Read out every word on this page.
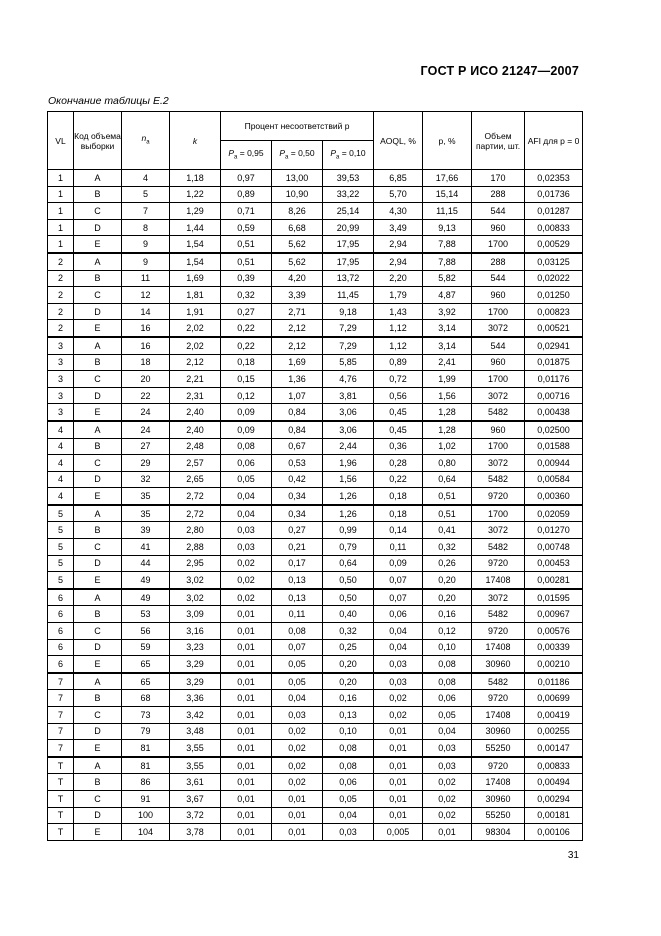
ГОСТ Р ИСО 21247—2007
Окончание таблицы Е.2
VL	Код объема выборки	$n_a$	k	Процент несоответствий p			AOQL, %	p, %	Объем партии, шт.	AFI для p = 0
				$P_a = 0,95$	$P_a = 0,50$	$P_a = 0,10$				
1	A	4	1,18	0,97	13,00	39,53	6,85	17,66	170	0,02353
1	B	5	1,22	0,89	10,90	33,22	5,70	15,14	288	0,01736
1	C	7	1,29	0,71	8,26	25,14	4,30	11,15	544	0,01287
1	D	8	1,44	0,59	6,68	20,99	3,49	9,13	960	0,00833
1	E	9	1,54	0,51	5,62	17,95	2,94	7,88	1700	0,00529
2	A	9	1,54	0,51	5,62	17,95	2,94	7,88	288	0,03125
2	B	11	1,69	0,39	4,20	13,72	2,20	5,82	544	0,02022
2	C	12	1,81	0,32	3,39	11,45	1,79	4,87	960	0,01250
2	D	14	1,91	0,27	2,71	9,18	1,43	3,92	1700	0,00823
2	E	16	2,02	0,22	2,12	7,29	1,12	3,14	3072	0,00521
3	A	16	2,02	0,22	2,12	7,29	1,12	3,14	544	0,02941
3	B	18	2,12	0,18	1,69	5,85	0,89	2,41	960	0,01875
3	C	20	2,21	0,15	1,36	4,76	0,72	1,99	1700	0,01176
3	D	22	2,31	0,12	1,07	3,81	0,56	1,56	3072	0,00716
3	E	24	2,40	0,09	0,84	3,06	0,45	1,28	5482	0,00438
4	A	24	2,40	0,09	0,84	3,06	0,45	1,28	960	0,02500
4	B	27	2,48	0,08	0,67	2,44	0,36	1,02	1700	0,01588
4	C	29	2,57	0,06	0,53	1,96	0,28	0,80	3072	0,00944
4	D	32	2,65	0,05	0,42	1,56	0,22	0,64	5482	0,00584
4	E	35	2,72	0,04	0,34	1,26	0,18	0,51	9720	0,00360
5	A	35	2,72	0,04	0,34	1,26	0,18	0,51	1700	0,02059
5	B	39	2,80	0,03	0,27	0,99	0,14	0,41	3072	0,01270
5	C	41	2,88	0,03	0,21	0,79	0,11	0,32	5482	0,00748
5	D	44	2,95	0,02	0,17	0,64	0,09	0,26	9720	0,00453
5	E	49	3,02	0,02	0,13	0,50	0,07	0,20	17408	0,00281
6	A	49	3,02	0,02	0,13	0,50	0,07	0,20	3072	0,01595
6	B	53	3,09	0,01	0,11	0,40	0,06	0,16	5482	0,00967
6	C	56	3,16	0,01	0,08	0,32	0,04	0,12	9720	0,00576
6	D	59	3,23	0,01	0,07	0,25	0,04	0,10	17408	0,00339
6	E	65	3,29	0,01	0,05	0,20	0,03	0,08	30960	0,00210
7	A	65	3,29	0,01	0,05	0,20	0,03	0,08	5482	0,01186
7	B	68	3,36	0,01	0,04	0,16	0,02	0,06	9720	0,00699
7	C	73	3,42	0,01	0,03	0,13	0,02	0,05	17408	0,00419
7	D	79	3,48	0,01	0,02	0,10	0,01	0,04	30960	0,00255
7	E	81	3,55	0,01	0,02	0,08	0,01	0,03	55250	0,00147
T	A	81	3,55	0,01	0,02	0,08	0,01	0,03	9720	0,00833
T	B	86	3,61	0,01	0,02	0,06	0,01	0,02	17408	0,00494
T	C	91	3,67	0,01	0,01	0,05	0,01	0,02	30960	0,00294
T	D	100	3,72	0,01	0,01	0,04	0,01	0,02	55250	0,00181
T	E	104	3,78	0,01	0,01	0,03	0,005	0,01	98304	0,00106
31
